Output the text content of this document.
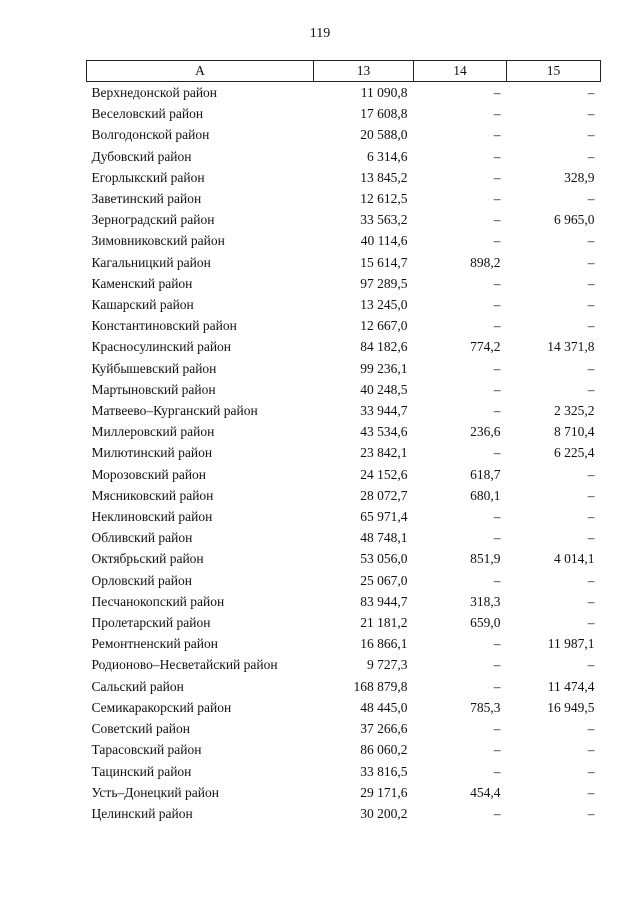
119
А	13	14	15
Верхнедонской район	11 090,8	–	–
Веселовский район	17 608,8	–	–
Волгодонской район	20 588,0	–	–
Дубовский район	6 314,6	–	–
Егорлыкский район	13 845,2	–	328,9
Заветинский район	12 612,5	–	–
Зерноградский район	33 563,2	–	6 965,0
Зимовниковский район	40 114,6	–	–
Кагальницкий район	15 614,7	898,2	–
Каменский район	97 289,5	–	–
Кашарский район	13 245,0	–	–
Константиновский район	12 667,0	–	–
Красносулинский район	84 182,6	774,2	14 371,8
Куйбышевский район	99 236,1	–	–
Мартыновский район	40 248,5	–	–
Матвеево–Курганский район	33 944,7	–	2 325,2
Миллеровский район	43 534,6	236,6	8 710,4
Милютинский район	23 842,1	–	6 225,4
Морозовский район	24 152,6	618,7	–
Мясниковский район	28 072,7	680,1	–
Неклиновский район	65 971,4	–	–
Обливский район	48 748,1	–	–
Октябрьский район	53 056,0	851,9	4 014,1
Орловский район	25 067,0	–	–
Песчанокопский район	83 944,7	318,3	–
Пролетарский район	21 181,2	659,0	–
Ремонтненский район	16 866,1	–	11 987,1
Родионово–Несветайский район	9 727,3	–	–
Сальский район	168 879,8	–	11 474,4
Семикаракорский район	48 445,0	785,3	16 949,5
Советский район	37 266,6	–	–
Тарасовский район	86 060,2	–	–
Тацинский район	33 816,5	–	–
Усть–Донецкий район	29 171,6	454,4	–
Целинский район	30 200,2	–	–
